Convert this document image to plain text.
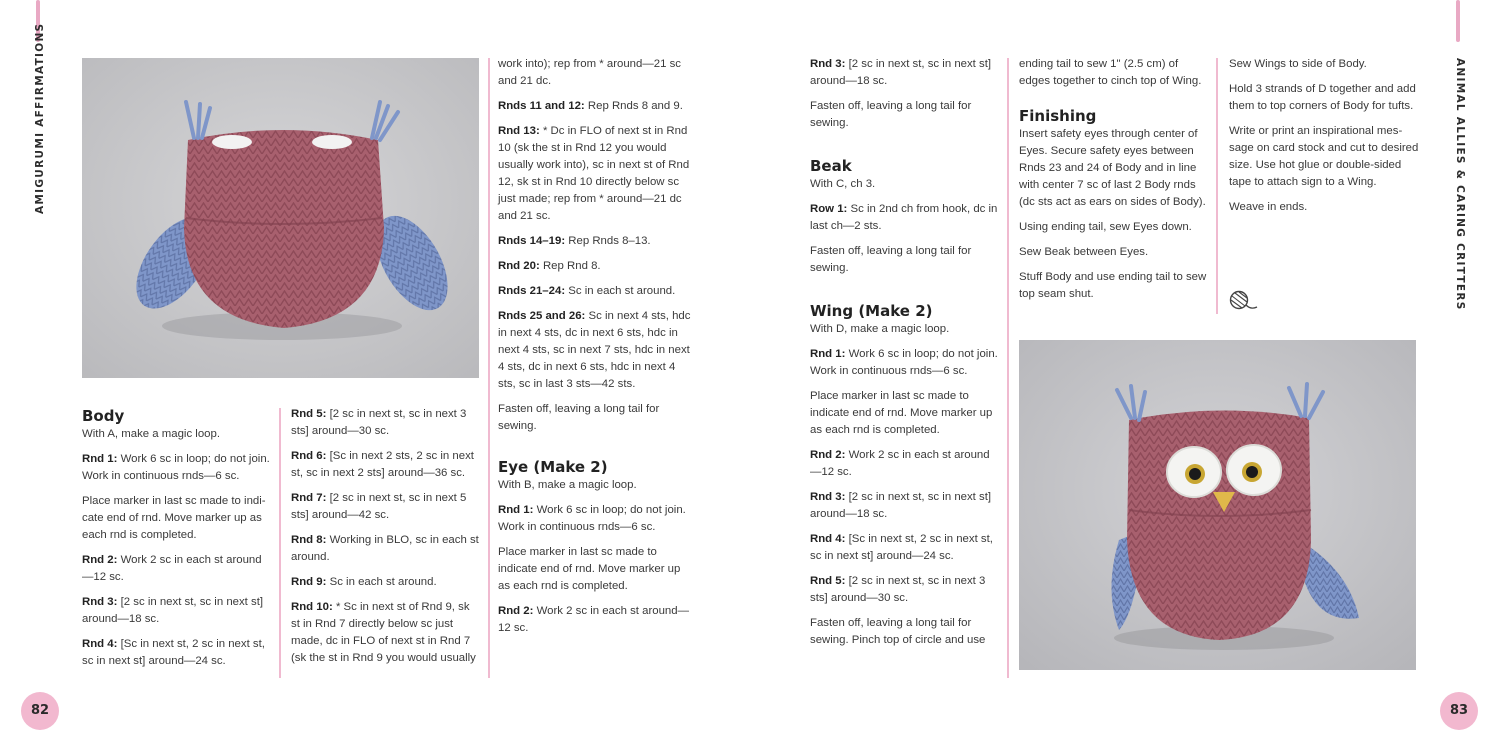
AMIGURUMI AFFIRMATIONS
Body

With A, make a magic loop.

Rnd 1: Work 6 sc in loop; do not join. Work in continuous rnds—6 sc.

Place marker in last sc made to indi-cate end of rnd. Move marker up as each rnd is completed.

Rnd 2: Work 2 sc in each st around—12 sc.

Rnd 3: [2 sc in next st, sc in next st] around—18 sc.

Rnd 4: [Sc in next st, 2 sc in next st, sc in next st] around—24 sc.

Rnd 5: [2 sc in next st, sc in next 3 sts] around—30 sc.

Rnd 6: [Sc in next 2 sts, 2 sc in next st, sc in next 2 sts] around—36 sc.

Rnd 7: [2 sc in next st, sc in next 5 sts] around—42 sc.

Rnd 8: Working in BLO, sc in each st around.

Rnd 9: Sc in each st around.

Rnd 10: * Sc in next st of Rnd 9, sk st in Rnd 7 directly below sc just made, dc in FLO of next st in Rnd 7 (sk the st in Rnd 9 you would usually

work into); rep from * around—21 sc and 21 dc.

Rnds 11 and 12: Rep Rnds 8 and 9.

Rnd 13: * Dc in FLO of next st in Rnd 10 (sk the st in Rnd 12 you would usually work into), sc in next st of Rnd 12, sk st in Rnd 10 directly below sc just made; rep from * around—21 dc and 21 sc.

Rnds 14–19: Rep Rnds 8–13.

Rnd 20: Rep Rnd 8.

Rnds 21–24: Sc in each st around.

Rnds 25 and 26: Sc in next 4 sts, hdc in next 4 sts, dc in next 6 sts, hdc in next 4 sts, sc in next 7 sts, hdc in next 4 sts, dc in next 6 sts, hdc in next 4 sts, sc in last 3 sts—42 sts.

Fasten off, leaving a long tail for sewing.

Eye (Make 2)

With B, make a magic loop.

Rnd 1: Work 6 sc in loop; do not join. Work in continuous rnds—6 sc.

Place marker in last sc made to indicate end of rnd. Move marker up as each rnd is completed.

Rnd 2: Work 2 sc in each st around—12 sc.

82
ANIMAL ALLIES & CARING CRITTERS

Rnd 3: [2 sc in next st, sc in next st] around—18 sc.

Fasten off, leaving a long tail for sewing.

Beak

With C, ch 3.

Row 1: Sc in 2nd ch from hook, dc in last ch—2 sts.

Fasten off, leaving a long tail for sewing.

Wing (Make 2)

With D, make a magic loop.

Rnd 1: Work 6 sc in loop; do not join. Work in continuous rnds—6 sc.

Place marker in last sc made to indicate end of rnd. Move marker up as each rnd is completed.

Rnd 2: Work 2 sc in each st around—12 sc.

Rnd 3: [2 sc in next st, sc in next st] around—18 sc.

Rnd 4: [Sc in next st, 2 sc in next st, sc in next st] around—24 sc.

Rnd 5: [2 sc in next st, sc in next 3 sts] around—30 sc.

Fasten off, leaving a long tail for sewing. Pinch top of circle and use

ending tail to sew 1" (2.5 cm) of edges together to cinch top of Wing.

Finishing

Insert safety eyes through center of Eyes. Secure safety eyes between Rnds 23 and 24 of Body and in line with center 7 sc of last 2 Body rnds (dc sts act as ears on sides of Body).

Using ending tail, sew Eyes down.

Sew Beak between Eyes.

Stuff Body and use ending tail to sew top seam shut.

Sew Wings to side of Body.

Hold 3 strands of D together and add them to top corners of Body for tufts.

Write or print an inspirational mes-sage on card stock and cut to desired size. Use hot glue or double-sided tape to attach sign to a Wing.

Weave in ends.

83
